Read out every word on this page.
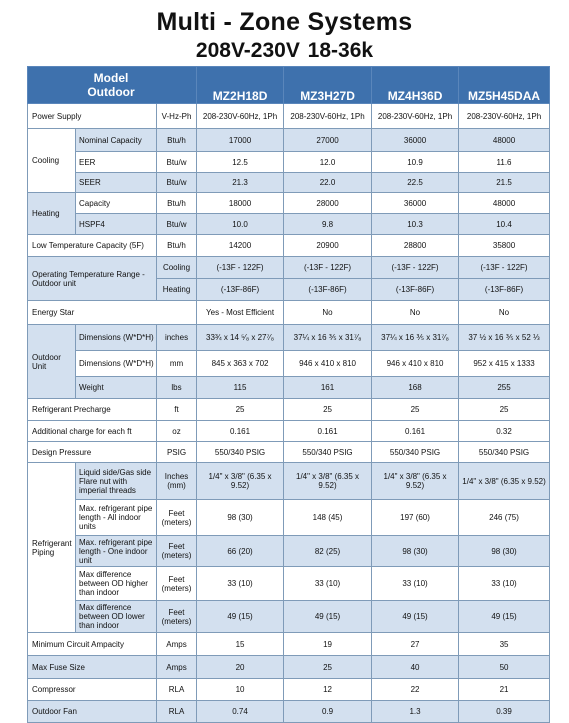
Multi - Zone Systems
208V-230V 18-36k
Model
Outdoor			MZ2H18D	MZ3H27D	MZ4H36D	MZ5H45DAA
Power Supply		V-Hz-Ph	208-230V-60Hz, 1Ph	208-230V-60Hz, 1Ph	208-230V-60Hz, 1Ph	208-230V-60Hz, 1Ph
Cooling	Nominal Capacity	Btu/h	17000	27000	36000	48000
	EER	Btu/w	12.5	12.0	10.9	11.6
	SEER	Btu/w	21.3	22.0	22.5	21.5
Heating	Capacity	Btu/h	18000	28000	36000	48000
	HSPF4	Btu/w	10.0	9.8	10.3	10.4
Low Temperature Capacity (5F)		Btu/h	14200	20900	28800	35800
Operating Temperature Range - Outdoor unit		Cooling	(-13F - 122F)	(-13F - 122F)	(-13F - 122F)	(-13F - 122F)
		Heating	(-13F-86F)	(-13F-86F)	(-13F-86F)	(-13F-86F)
Energy Star			Yes - Most Efficient	No	No	No
Outdoor Unit	Dimensions (W*D*H)	inches	33¾ x 14 ⁵⁄₈ x 27⁷⁄₈	37¼ x 16 ⅗ x 31⁷⁄₈	37¼ x 16 ⅗ x 31⁷⁄₈	37 ½ x 16 ⅗ x 52 ⅓
	Dimensions (W*D*H)	mm	845 x 363 x 702	946 x 410 x 810	946 x 410 x 810	952 x 415 x 1333
	Weight	lbs	115	161	168	255
Refrigerant Precharge		ft	25	25	25	25
Additional charge for each ft		oz	0.161	0.161	0.161	0.32
Design Pressure		PSIG	550/340 PSIG	550/340 PSIG	550/340 PSIG	550/340 PSIG
Refrigerant Piping	Liquid side/Gas side Flare nut with imperial threads	Inches (mm)	1/4" x 3/8" (6.35 x 9.52)	1/4" x 3/8" (6.35 x 9.52)	1/4" x 3/8" (6.35 x 9.52)	1/4" x 3/8" (6.35 x 9.52)
	Max. refrigerant pipe length - All indoor units	Feet (meters)	98 (30)	148 (45)	197 (60)	246 (75)
	Max. refrigerant pipe length - One indoor unit	Feet (meters)	66 (20)	82 (25)	98 (30)	98 (30)
	Max difference between OD higher than indoor	Feet (meters)	33 (10)	33 (10)	33 (10)	33 (10)
	Max difference between OD lower than indoor	Feet (meters)	49 (15)	49 (15)	49 (15)	49 (15)
Minimum Circuit Ampacity		Amps	15	19	27	35
Max Fuse Size		Amps	20	25	40	50
Compressor		RLA	10	12	22	21
Outdoor Fan		RLA	0.74	0.9	1.3	0.39
